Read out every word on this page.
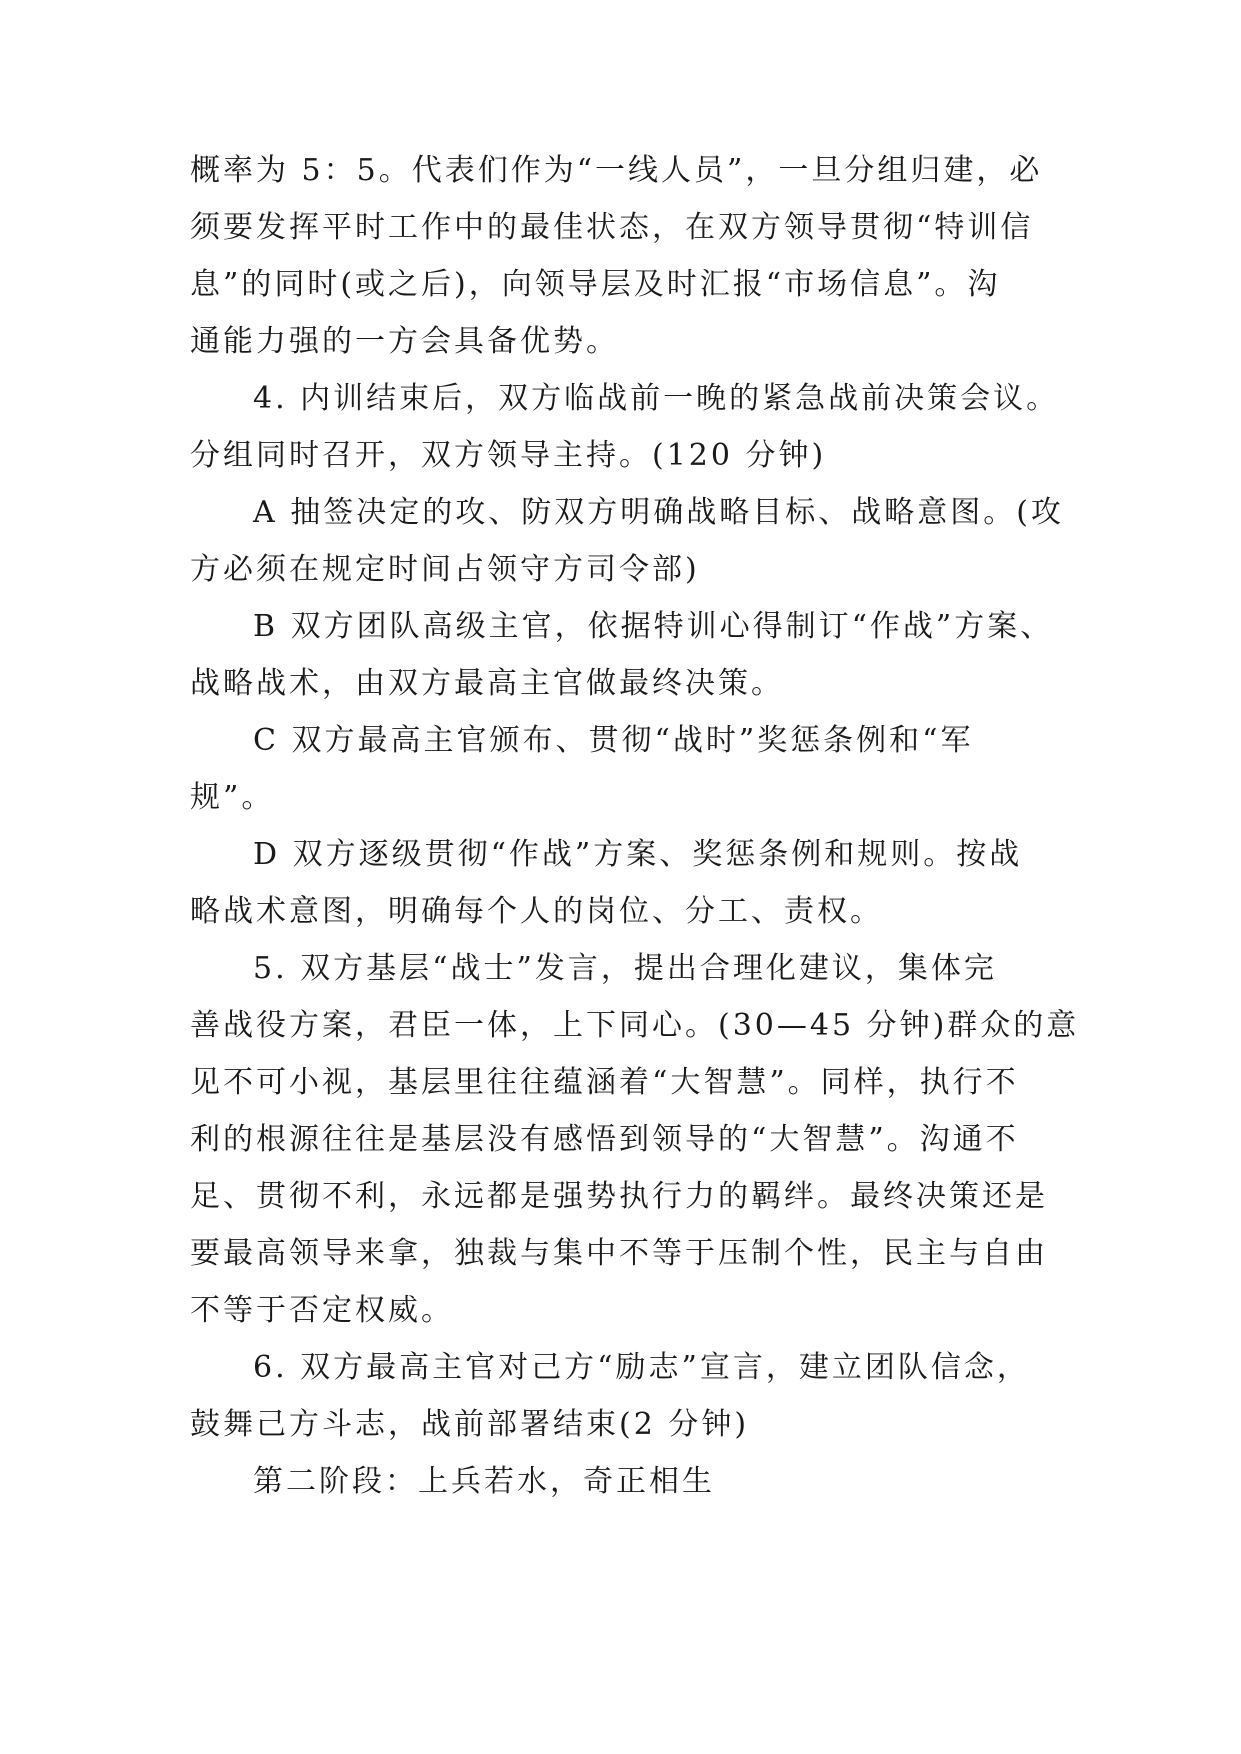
概率为 5：5。代表们作为“一线人员”，一旦分组归建，必
须要发挥平时工作中的最佳状态，在双方领导贯彻“特训信
息”的同时(或之后)，向领导层及时汇报“市场信息”。沟
通能力强的一方会具备优势。
4. 内训结束后，双方临战前一晚的紧急战前决策会议。
分组同时召开，双方领导主持。(120 分钟)
A 抽签决定的攻、防双方明确战略目标、战略意图。(攻
方必须在规定时间占领守方司令部)
B 双方团队高级主官，依据特训心得制订“作战”方案、
战略战术，由双方最高主官做最终决策。
C 双方最高主官颁布、贯彻“战时”奖惩条例和“军
规”。
D 双方逐级贯彻“作战”方案、奖惩条例和规则。按战
略战术意图，明确每个人的岗位、分工、责权。
5. 双方基层“战士”发言，提出合理化建议，集体完
善战役方案，君臣一体，上下同心。(30—45 分钟)群众的意
见不可小视，基层里往往蕴涵着“大智慧”。同样，执行不
利的根源往往是基层没有感悟到领导的“大智慧”。沟通不
足、贯彻不利，永远都是强势执行力的羁绊。最终决策还是
要最高领导来拿，独裁与集中不等于压制个性，民主与自由
不等于否定权威。
6. 双方最高主官对己方“励志”宣言，建立团队信念，
鼓舞己方斗志，战前部署结束(2 分钟)
第二阶段：上兵若水，奇正相生
